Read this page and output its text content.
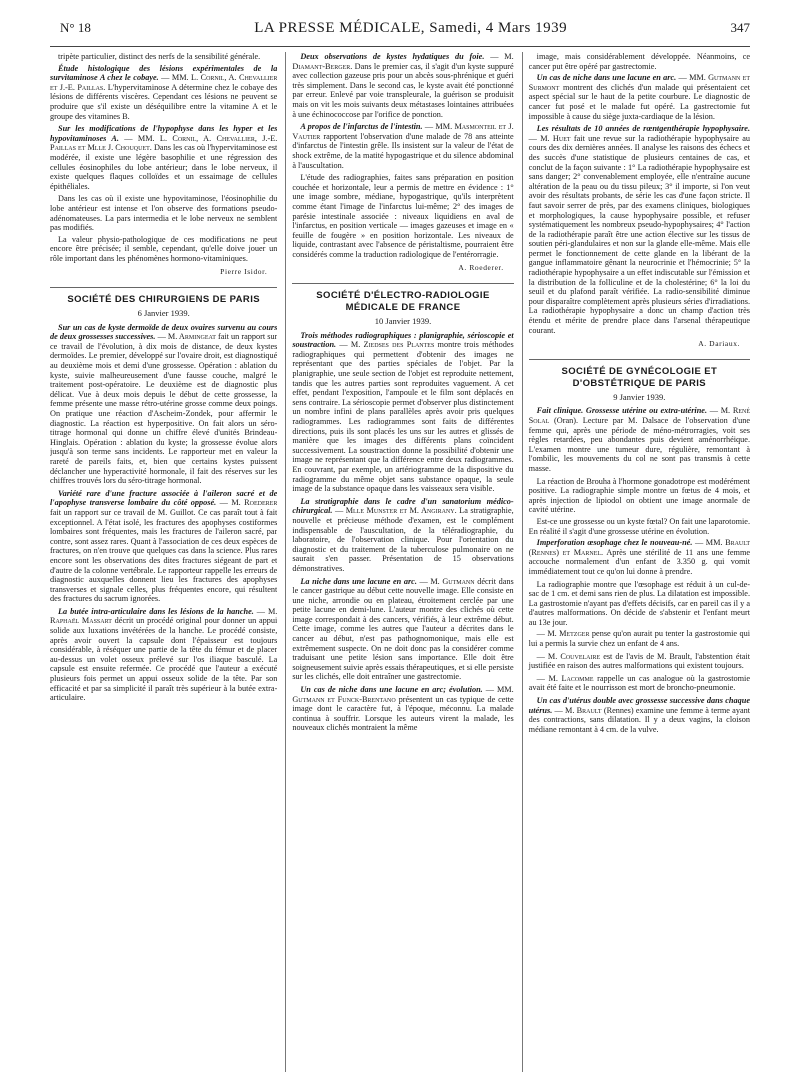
N° 18	LA PRESSE MÉDICALE, Samedi, 4 Mars 1939	347

tripète particulier, distinct des nerfs de la sensibilité générale.

Étude histologique des lésions expérimentales de la survitaminose A chez le cobaye. — MM. L. Cornil, A. Chevallier et J.-E. Paillas. L'hypervitaminose A détermine chez le cobaye des lésions de différents viscères. Cependant ces lésions ne peuvent se produire que s'il existe un déséquilibre entre la vitamine A et le groupe des vitamines B.

Sur les modifications de l'hypophyse dans les hyper et les hypovitaminoses A. — MM. L. Cornil, A. Chevallier, J.-E. Paillas et Mlle J. Chouquet. Dans les cas où l'hypervitaminose est modérée, il existe une légère basophilie et une régression des cellules éosinophiles du lobe antérieur; dans le lobe nerveux, il existe quelques flaques colloïdes et un essaimage de cellules épithéliales.

Dans les cas où il existe une hypovitaminose, l'éosinophilie du lobe antérieur est intense et l'on observe des formations pseudo-adénomateuses. La pars intermedia et le lobe nerveux ne semblent pas modifiés.

La valeur physio-pathologique de ces modifications ne peut encore être précisée; il semble, cependant, qu'elle doive jouer un rôle important dans les phénomènes hormono-vitaminiques.

Pierre Isidor.
SOCIÉTÉ DES CHIRURGIENS DE PARIS
6 Janvier 1939.

Sur un cas de kyste dermoïde de deux ovaires survenu au cours de deux grossesses successives. — M. Armingeat fait un rapport sur ce travail de l'évolution, à dix mois de distance, de deux kystes dermoïdes. Le premier, développé sur l'ovaire droit, est diagnostiqué au deuxième mois et demi d'une grossesse. Opération : ablation du kyste, suivie malheureusement d'une fausse couche, malgré le traitement post-opératoire. Le deuxième est de diagnostic plus délicat. Vue à deux mois depuis le début de cette grossesse, la femme présente une masse rétro-utérine grosse comme deux poings. On pratique une réaction d'Ascheim-Zondek, pour affermir le diagnostic. La réaction est hyperpositive. On fait alors un séro-titrage hormonal qui donne un chiffre élevé d'unités Brindeau-Hinglais. Opération : ablation du kyste; la grossesse évolue alors jusqu'à son terme sans incidents. Le rapporteur met en valeur la rareté de pareils faits, et, bien que certains kystes puissent déclancher une hyperactivité hormonale, il fait des réserves sur les chiffres trouvés lors du séro-titrage hormonal.

Variété rare d'une fracture associée à l'aileron sacré et de l'apophyse transverse lombaire du côté opposé. — M. Roederer fait un rapport sur ce travail de M. Guillot. Ce cas paraît tout à fait exceptionnel. A l'état isolé, les fractures des apophyses costiformes lombaires sont fréquentes, mais les fractures de l'aileron sacré, par contre, sont assez rares. Quant à l'association de ces deux espèces de fractures, on n'en trouve que quelques cas dans la science. Plus rares encore sont les observations des dites fractures siégeant de part et d'autre de la colonne vertébrale. Le rapporteur rappelle les erreurs de diagnostic auxquelles donnent lieu les fractures des apophyses transverses et signale celles, plus fréquentes encore, qui résultent des fractures du sacrum ignorées.

La butée intra-articulaire dans les lésions de la hanche. — M. Raphaël Massart décrit un procédé original pour donner un appui solide aux luxations invétérées de la hanche. Le procédé consiste, après avoir ouvert la capsule dont l'épaisseur est toujours considérable, à réséquer une partie de la tête du fémur et de placer au-dessus un volet osseux prélevé sur l'os iliaque basculé. La capsule est ensuite refermée. Ce procédé que l'auteur a exécuté plusieurs fois permet un appui osseux solide de la tête. Par son efficacité et par sa simplicité il paraît très supérieur à la butée extra-articulaire.

Deux observations de kystes hydatiques du foie. — M. Diamant-Berger. Dans le premier cas, il s'agit d'un kyste suppuré avec collection gazeuse pris pour un abcès sous-phrénique et guéri très simplement. Dans le second cas, le kyste avait été ponctionné par erreur. Enlevé par voie transpleurale, la guérison se produisit mais on vit les mois suivants deux métastases lointaines attribuées à une échinococcose par l'orifice de ponction.

A propos de l'infarctus de l'intestin. — MM. Masmonteil et J. Vautier rapportent l'observation d'une malade de 78 ans atteinte d'infarctus de l'intestin grêle. Ils insistent sur la valeur de l'état de shock extrême, de la matité hypogastrique et du silence abdominal à l'auscultation.

L'étude des radiographies, faites sans préparation en position couchée et horizontale, leur a permis de mettre en évidence : 1° une image sombre, médiane, hypogastrique, qu'ils interprètent comme étant l'image de l'infarctus lui-même; 2° des images de parésie intestinale associée : niveaux liquidiens en aval de l'infarctus, en position verticale — images gazeuses et image en « feuille de fougère » en position horizontale. Les niveaux de liquide, contrastant avec l'absence de péristaltisme, pourraient être considérés comme la traduction radiologique de l'entérorragie.

A. Roederer.
SOCIÉTÉ D'ÉLECTRO-RADIOLOGIE MÉDICALE DE FRANCE
10 Janvier 1939.

Trois méthodes radiographiques : planigraphie, sérioscopie et soustraction. — M. Ziedses des Plantes montre trois méthodes radiographiques qui permettent d'obtenir des images ne représentant que des parties spéciales de l'objet. Par la planigraphie, une seule section de l'objet est reproduite nettement, tandis que les autres parties sont reproduites vaguement. A cet effet, pendant l'exposition, l'ampoule et le film sont déplacés en sens contraire. La sérioscopie permet d'observer plus distinctement un nombre infini de plans parallèles après avoir pris quelques radiogrammes. Les radiogrammes sont faits de différentes directions, puis ils sont placés les uns sur les autres et glissés de manière que les images des différents plans coïncident successivement. La soustraction donne la possibilité d'obtenir une image ne représentant que la différence entre deux radiogrammes. En couvrant, par exemple, un artériogramme de la dispositive du radiogramme du même objet sans substance opaque, la seule image de la substance opaque dans les vaisseaux sera visible.

La stratigraphie dans le cadre d'un sanatorium médico-chirurgical. — Mlle Munster et M. Angirany. La stratigraphie, nouvelle et précieuse méthode d'examen, est le complément indispensable de l'auscultation, de la téléradiographie, du laboratoire, de l'observation clinique. Pour l'orientation du diagnostic et du traitement de la tuberculose pulmonaire on ne saurait s'en passer. Présentation de 15 observations démonstratives.

La niche dans une lacune en arc. — M. Gutmann décrit dans le cancer gastrique au début cette nouvelle image. Elle consiste en une niche, arrondie ou en plateau, étroitement cerclée par une petite lacune en demi-lune. L'auteur montre des clichés où cette image correspondait à des cancers, vérifiés, à leur extrême début. Cette image, comme les autres que l'auteur a décrites dans le cancer au début, n'est pas pathognomonique, mais elle est extrêmement suspecte. On ne doit donc pas la considérer comme traduisant une petite lésion sans importance. Elle doit être soigneusement suivie après essais thérapeutiques, et si elle persiste sur les clichés, elle doit entraîner une gastrectomie.

Un cas de niche dans une lacune en arc; évolution. — MM. Gutmann et Funck-Brentano présentent un cas typique de cette image dont le caractère fut, à l'époque, méconnu. La malade continua à souffrir. Lorsque les auteurs virent la malade, les nouveaux clichés montraient la même

image, mais considérablement développée. Néanmoins, ce cancer put être opéré par gastrectomie.

Un cas de niche dans une lacune en arc. — MM. Gutmann et Surmont montrent des clichés d'un malade qui présentaient cet aspect spécial sur le haut de la petite courbure. Le diagnostic de cancer fut posé et le malade fut opéré. La gastrectomie fut impossible à cause du siège juxta-cardiaque de la lésion.

Les résultats de 10 années de rœntgenthérapie hypophysaire. — M. Huet fait une revue sur la radiothérapie hypophysaire au cours des dix dernières années. Il analyse les raisons des échecs et des succès d'une statistique de plusieurs centaines de cas, et conclut de la façon suivante : 1° La radiothérapie hypophysaire est sans danger; 2° convenablement employée, elle n'entraîne aucune altération de la peau ou du tissu pileux; 3° il importe, si l'on veut avoir des résultats probants, de série les cas d'une façon stricte. Il faut savoir serrer de près, par des examens cliniques, biologiques et morphologiques, la cause hypophysaire possible, et refuser systématiquement les nombreux pseudo-hypophysaires; 4° l'action de la radiothérapie paraît être une action élective sur les tissus de soutien péri-glandulaires et non sur la glande elle-même. Mais elle permet le fonctionnement de cette glande en la libérant de la gangue inflammatoire gênant la neurocrinie et l'hémocrinie; 5° la radiothérapie hypophysaire a un effet indiscutable sur l'émission et la distribution de la folliculine et de la cholestérine; 6° la loi du seuil et du plafond paraît vérifiée. La radio-sensibilité diminue pour disparaître complètement après plusieurs séries d'irradiations. La radiothérapie hypophysaire a donc un champ d'action très étendu et mérite de prendre place dans l'arsenal thérapeutique courant.

A. Dariaux.
SOCIÉTÉ DE GYNÉCOLOGIE ET D'OBSTÉTRIQUE DE PARIS
9 Janvier 1939.

Fait clinique. Grossesse utérine ou extra-utérine. — M. René Solal (Oran). Lecture par M. Dalsace de l'observation d'une femme qui, après une période de méno-métrorragies, voit ses règles retardées, peu abondantes puis devient aménorrhéique. L'examen montre une tumeur dure, régulière, remontant à l'ombilic, les mouvements du col ne sont pas transmis à cette masse.

La réaction de Brouha à l'hormone gonadotrope est modérément positive. La radiographie simple montre un fœtus de 4 mois, et après injection de lipiodol on obtient une image anormale de cavité utérine.

Est-ce une grossesse ou un kyste fœtal? On fait une laparotomie. En réalité il s'agit d'une grossesse utérine en évolution.

Imperforation œsophage chez le nouveau-né. — MM. Brault (Rennes) et Marnel. Après une stérilité de 11 ans une femme accouche normalement d'un enfant de 3.350 g. qui vomit immédiatement tout ce qu'on lui donne à prendre.

La radiographie montre que l'œsophage est réduit à un cul-de-sac de 1 cm. et demi sans rien de plus. La dilatation est impossible. La gastrostomie n'ayant pas d'effets décisifs, car en pareil cas il y a d'autres malformations. On décide de s'abstenir et l'enfant meurt au 13e jour.

— M. Metzger pense qu'on aurait pu tenter la gastrostomie qui lui a permis la survie chez un enfant de 4 ans.

— M. Couvelaire est de l'avis de M. Brault, l'abstention était justifiée en raison des autres malformations qui existent toujours.

— M. Lacomme rappelle un cas analogue où la gastrostomie avait été faite et le nourrisson est mort de broncho-pneumonie.

Un cas d'utérus double avec grossesse successive dans chaque utérus. — M. Brault (Rennes) examine une femme à terme ayant des contractions, sans dilatation. Il y a deux vagins, la cloison médiane remontant à 4 cm. de la vulve.
